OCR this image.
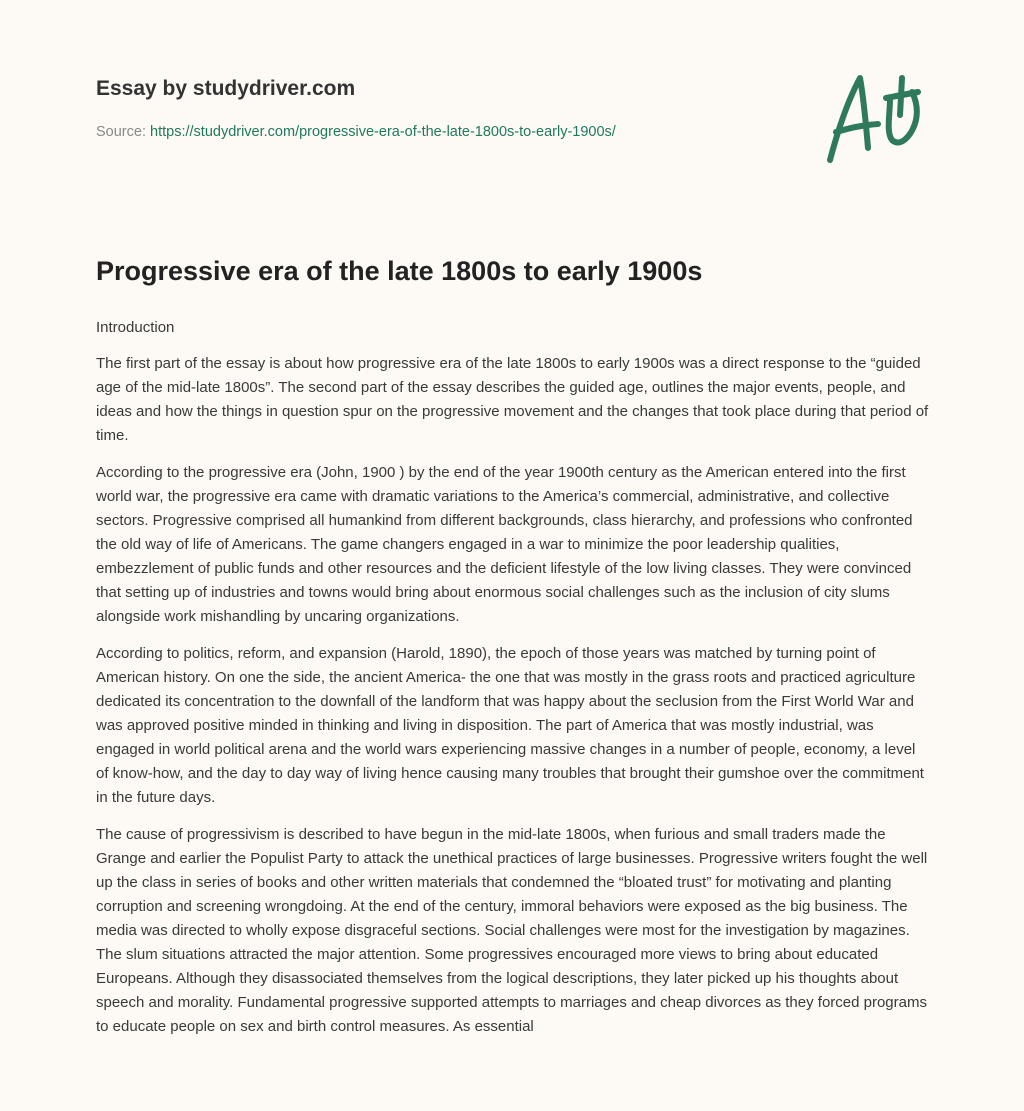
Essay by studydriver.com
Source: https://studydriver.com/progressive-era-of-the-late-1800s-to-early-1900s/
Progressive era of the late 1800s to early 1900s

Introduction

The first part of the essay is about how progressive era of the late 1800s to early 1900s was a direct response to the “guided age of the mid-late 1800s”. The second part of the essay describes the guided age, outlines the major events, people, and ideas and how the things in question spur on the progressive movement and the changes that took place during that period of time.

According to the progressive era (John, 1900 ) by the end of the year 1900th century as the American entered into the first world war, the progressive era came with dramatic variations to the America’s commercial, administrative, and collective sectors. Progressive comprised all humankind from different backgrounds, class hierarchy, and professions who confronted the old way of life of Americans. The game changers engaged in a war to minimize the poor leadership qualities, embezzlement of public funds and other resources and the deficient lifestyle of the low living classes. They were convinced that setting up of industries and towns would bring about enormous social challenges such as the inclusion of city slums alongside work mishandling by uncaring organizations.

According to politics, reform, and expansion (Harold, 1890), the epoch of those years was matched by turning point of American history. On one the side, the ancient America- the one that was mostly in the grass roots and practiced agriculture dedicated its concentration to the downfall of the landform that was happy about the seclusion from the First World War and was approved positive minded in thinking and living in disposition. The part of America that was mostly industrial, was engaged in world political arena and the world wars experiencing massive changes in a number of people, economy, a level of know-how, and the day to day way of living hence causing many troubles that brought their gumshoe over the commitment in the future days.

The cause of progressivism is described to have begun in the mid-late 1800s, when furious and small traders made the Grange and earlier the Populist Party to attack the unethical practices of large businesses. Progressive writers fought the well up the class in series of books and other written materials that condemned the “bloated trust” for motivating and planting corruption and screening wrongdoing. At the end of the century, immoral behaviors were exposed as the big business. The media was directed to wholly expose disgraceful sections. Social challenges were most for the investigation by magazines. The slum situations attracted the major attention. Some progressives encouraged more views to bring about educated Europeans. Although they disassociated themselves from the logical descriptions, they later picked up his thoughts about speech and morality. Fundamental progressive supported attempts to marriages and cheap divorces as they forced programs to educate people on sex and birth control measures. As essential
